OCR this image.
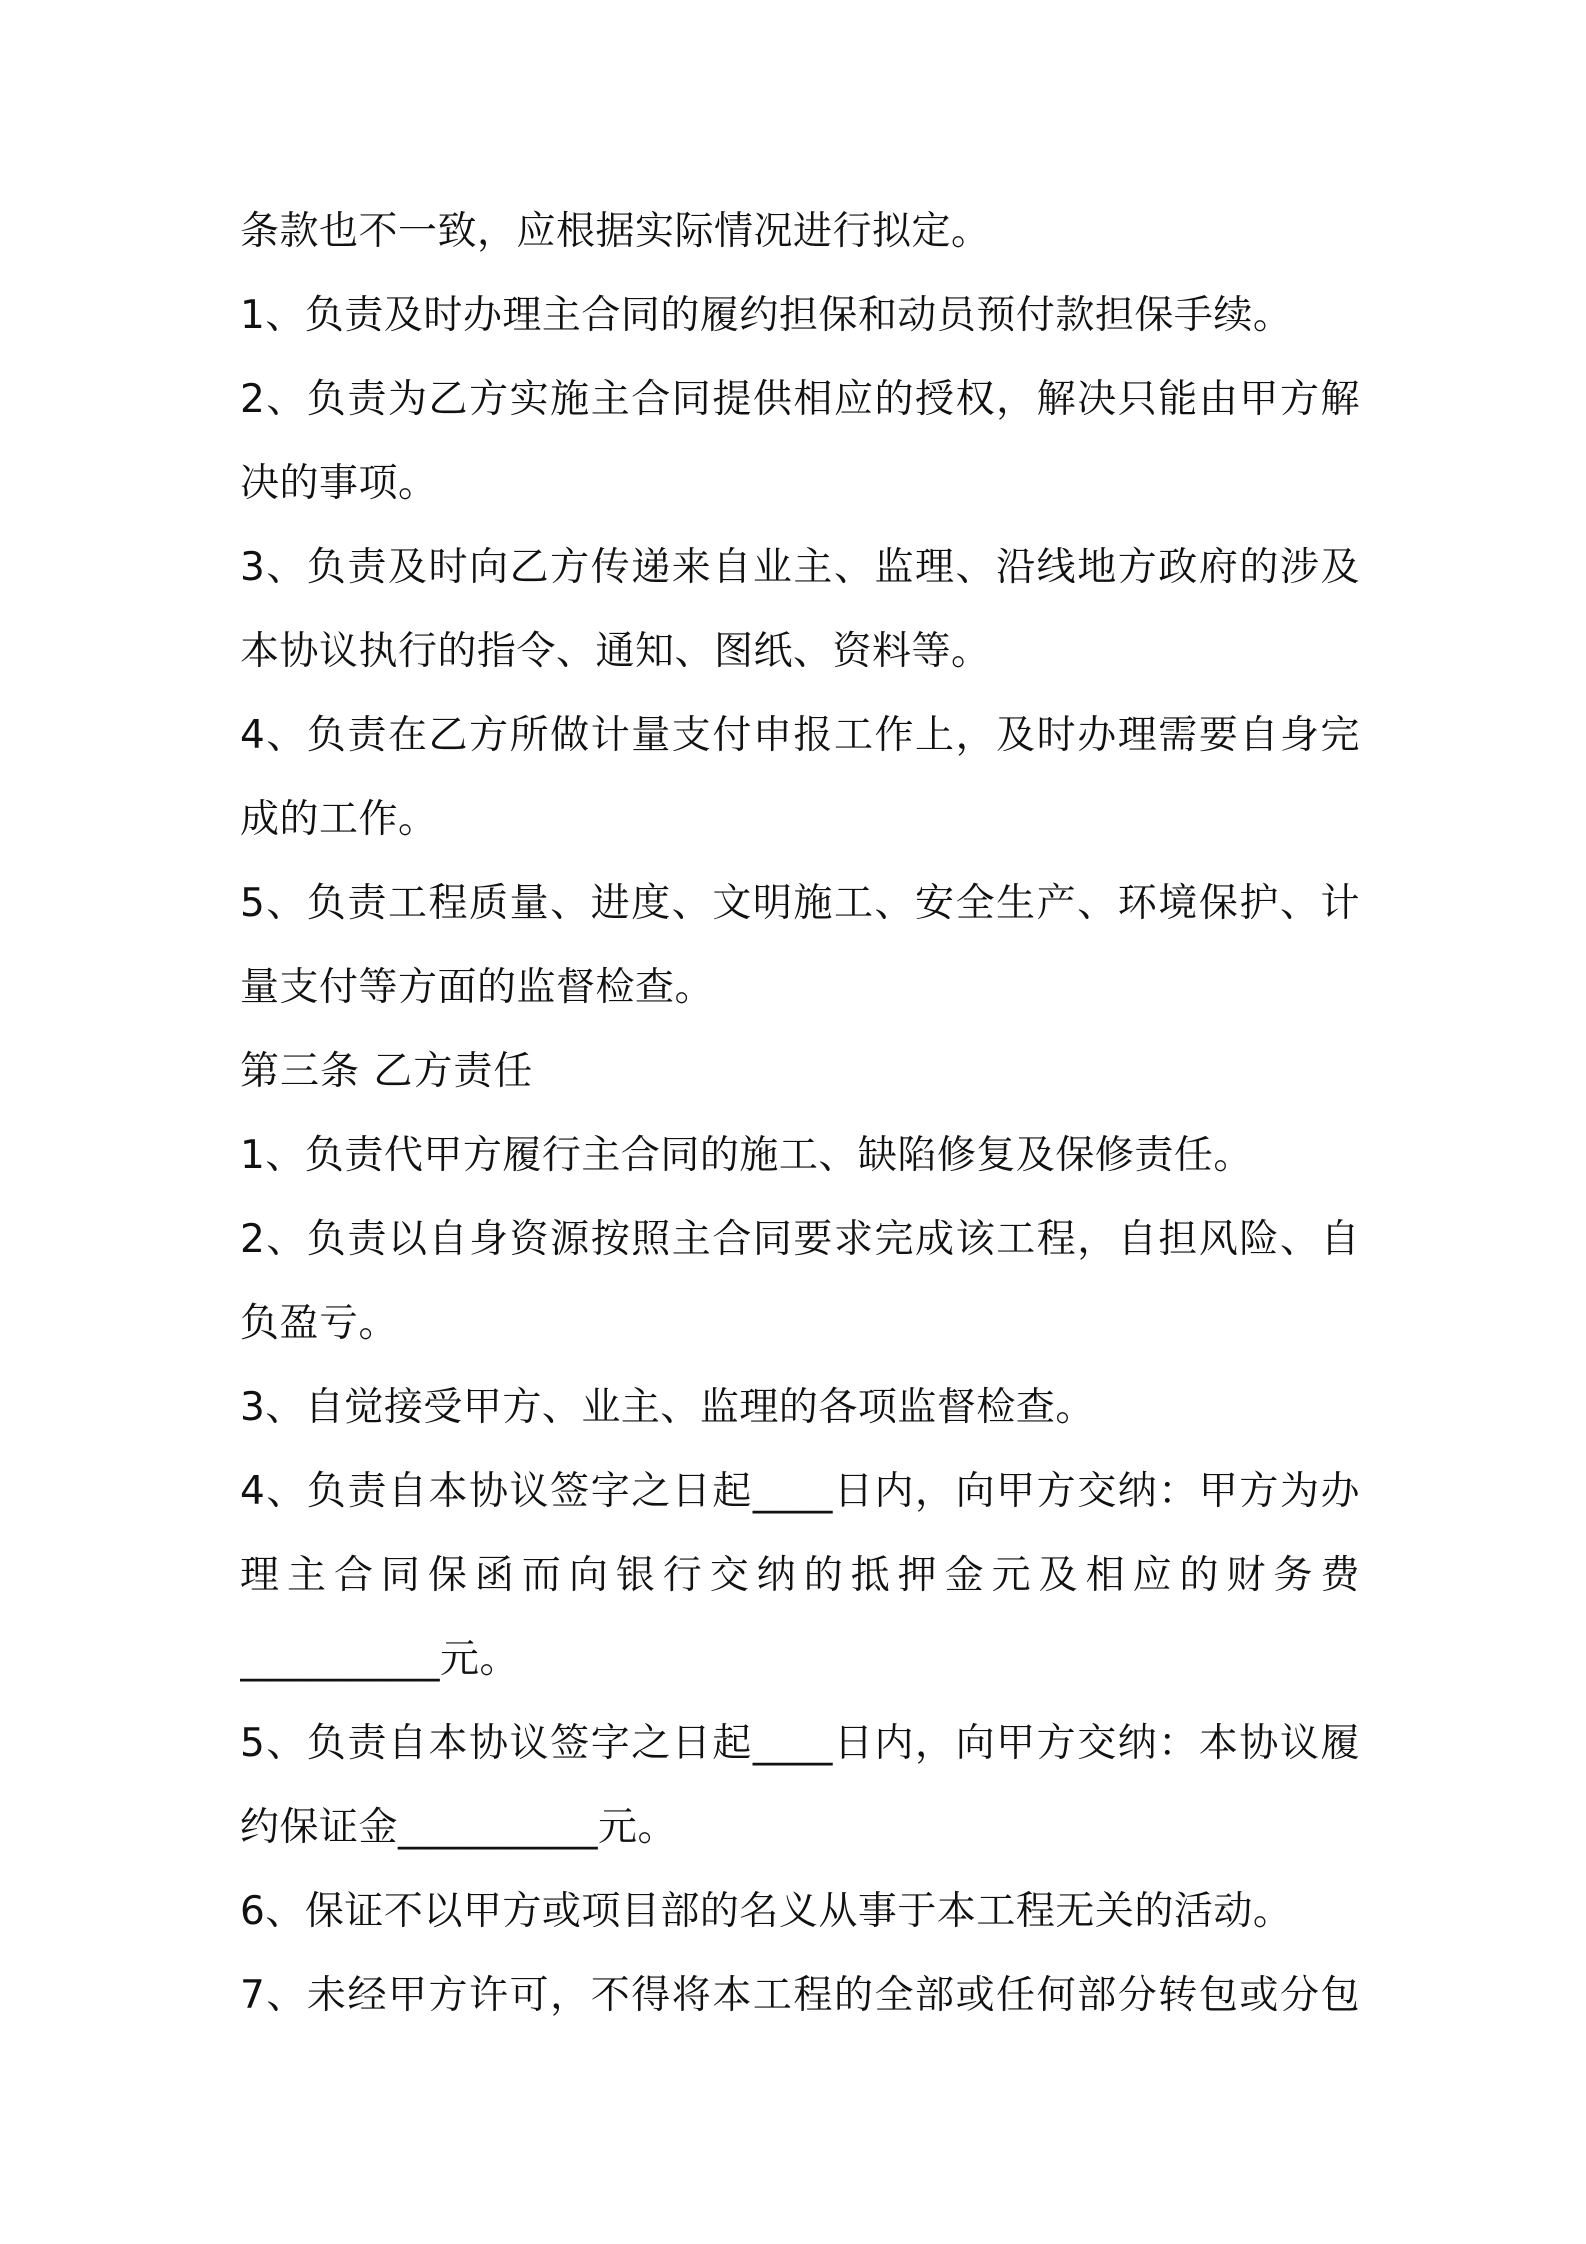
条款也不一致，应根据实际情况进行拟定。
1、负责及时办理主合同的履约担保和动员预付款担保手续。
2、负责为乙方实施主合同提供相应的授权，解决只能由甲方解
决的事项。
3、负责及时向乙方传递来自业主、监理、沿线地方政府的涉及
本协议执行的指令、通知、图纸、资料等。
4、负责在乙方所做计量支付申报工作上，及时办理需要自身完
成的工作。
5、负责工程质量、进度、文明施工、安全生产、环境保护、计
量支付等方面的监督检查。
第三条 乙方责任
1、负责代甲方履行主合同的施工、缺陷修复及保修责任。
2、负责以自身资源按照主合同要求完成该工程，自担风险、自
负盈亏。
3、自觉接受甲方、业主、监理的各项监督检查。
4、负责自本协议签字之日起____日内，向甲方交纳：甲方为办
理主合同保函而向银行交纳的抵押金元及相应的财务费
__________元。
5、负责自本协议签字之日起____日内，向甲方交纳：本协议履
约保证金__________元。
6、保证不以甲方或项目部的名义从事于本工程无关的活动。
7、未经甲方许可，不得将本工程的全部或任何部分转包或分包
